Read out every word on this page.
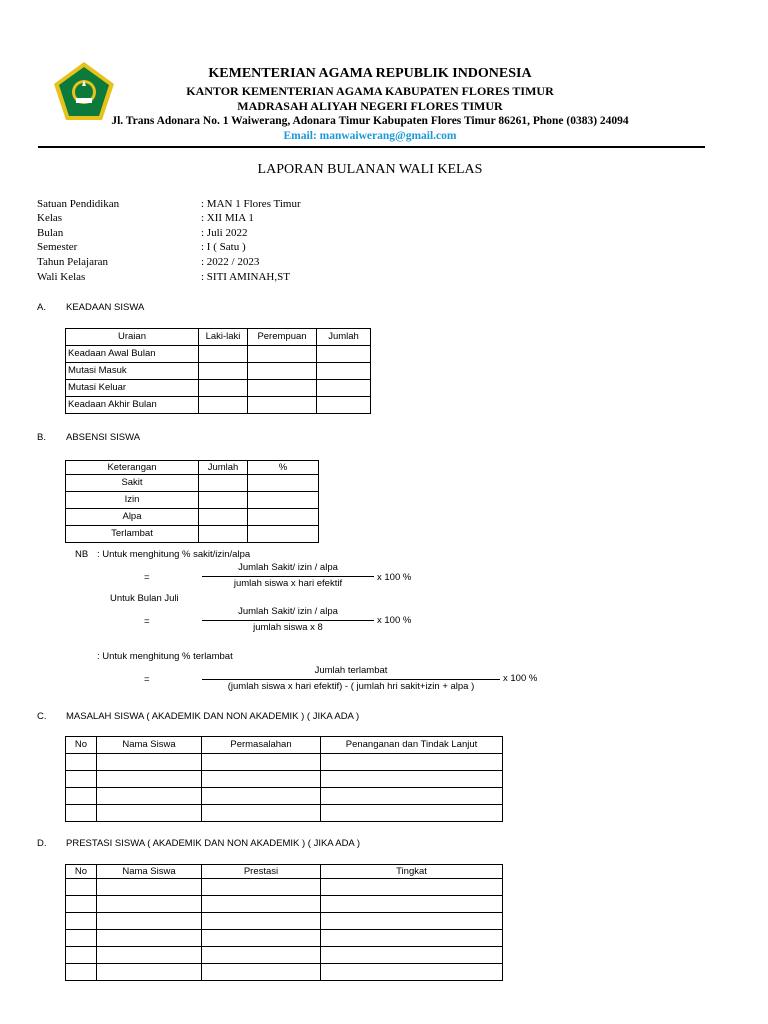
KEMENTERIAN AGAMA REPUBLIK INDONESIA
KANTOR KEMENTERIAN AGAMA KABUPATEN FLORES TIMUR
MADRASAH ALIYAH NEGERI FLORES TIMUR
Jl. Trans Adonara No. 1 Waiwerang, Adonara Timur Kabupaten Flores Timur 86261, Phone (0383) 24094
Email: manwaiwerang@gmail.com
LAPORAN BULANAN WALI KELAS
Satuan Pendidikan	: MAN 1 Flores Timur
Kelas	: XII MIA 1
Bulan	: Juli 2022
Semester	: I ( Satu )
Tahun Pelajaran	: 2022 / 2023
Wali Kelas	: SITI AMINAH,ST
A. KEADAAN SISWA
Uraian	Laki-laki	Perempuan	Jumlah
Keadaan Awal Bulan			
Mutasi Masuk			
Mutasi Keluar			
Keadaan Akhir Bulan			
B. ABSENSI SISWA
Keterangan	Jumlah	%
Sakit		
Izin		
Alpa		
Terlambat		
NB : Untuk menghitung % sakit/izin/alpa
=
Jumlah Sakit/ izin / alpa
jumlah siswa x hari efektif
x 100 %
Untuk Bulan Juli
=
Jumlah Sakit/ izin / alpa
jumlah siswa x 8
x 100 %
: Untuk menghitung % terlambat
=
Jumlah terlambat
(jumlah siswa x hari efektif) - ( jumlah hri sakit+izin + alpa )
x 100 %
C. MASALAH SISWA ( AKADEMIK DAN NON AKADEMIK ) ( JIKA ADA )
No	Nama Siswa	Permasalahan	Penanganan dan Tindak Lanjut

D. PRESTASI SISWA ( AKADEMIK DAN NON AKADEMIK ) ( JIKA ADA )
No	Nama Siswa	Prestasi	Tingkat
